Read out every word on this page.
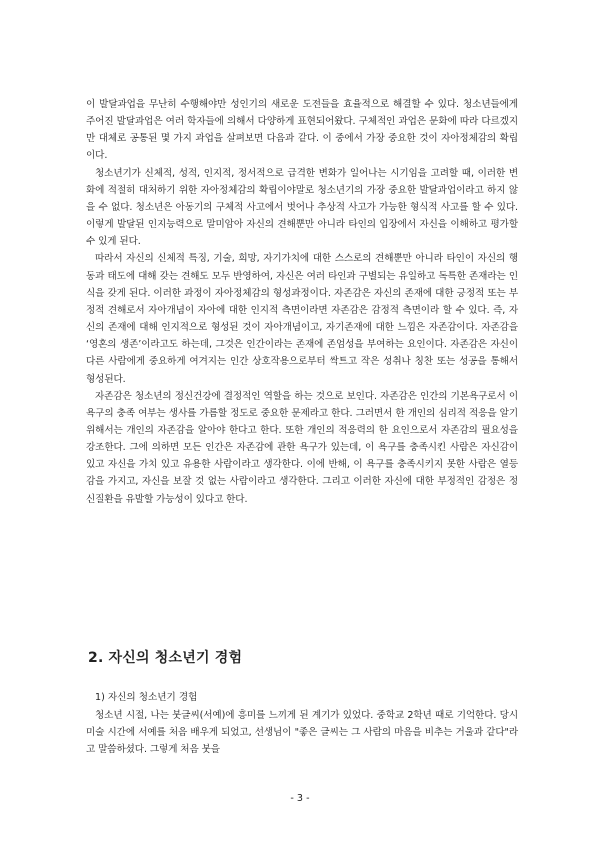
이 발달과업을 무난히 수행해야만 성인기의 새로운 도전들을 효율적으로 해결할 수 있다. 청소년들에게 주어진 발달과업은 여러 학자들에 의해서 다양하게 표현되어왔다. 구체적인 과업은 문화에 따라 다르겠지만 대체로 공통된 몇 가지 과업을 살펴보면 다음과 같다. 이 중에서 가장 중요한 것이 자아정체감의 확립이다.

청소년기가 신체적, 성적, 인지적, 정서적으로 급격한 변화가 일어나는 시기임을 고려할 때, 이러한 변화에 적절히 대처하기 위한 자아정체감의 확립이야말로 청소년기의 가장 중요한 발달과업이라고 하지 않을 수 없다. 청소년은 아동기의 구체적 사고에서 벗어나 추상적 사고가 가능한 형식적 사고를 할 수 있다. 이렇게 발달된 인지능력으로 말미암아 자신의 견해뿐만 아니라 타인의 입장에서 자신을 이해하고 평가할 수 있게 된다.

따라서 자신의 신체적 특징, 기술, 희망, 자기가치에 대한 스스로의 견해뿐만 아니라 타인이 자신의 행동과 태도에 대해 갖는 견해도 모두 반영하여, 자신은 여러 타인과 구별되는 유일하고 독특한 존재라는 인식을 갖게 된다. 이러한 과정이 자아정체감의 형성과정이다. 자존감은 자신의 존재에 대한 긍정적 또는 부정적 견해로서 자아개념이 자아에 대한 인지적 측면이라면 자존감은 감정적 측면이라 할 수 있다. 즉, 자신의 존재에 대해 인지적으로 형성된 것이 자아개념이고, 자기존재에 대한 느낌은 자존감이다. 자존감을 ‘영혼의 생존’이라고도 하는데, 그것은 인간이라는 존재에 존엄성을 부여하는 요인이다. 자존감은 자신이 다른 사람에게 중요하게 여겨지는 인간 상호작용으로부터 싹트고 작은 성취나 칭찬 또는 성공을 통해서 형성된다.

자존감은 청소년의 정신건강에 결정적인 역할을 하는 것으로 보인다. 자존감은 인간의 기본욕구로서 이 욕구의 충족 여부는 생사를 가름할 정도로 중요한 문제라고 한다. 그러면서 한 개인의 심리적 적응을 알기 위해서는 개인의 자존감을 알아야 한다고 한다. 또한 개인의 적응력의 한 요인으로서 자존감의 필요성을 강조한다. 그에 의하면 모든 인간은 자존감에 관한 욕구가 있는데, 이 욕구를 충족시킨 사람은 자신감이 있고 자신을 가치 있고 유용한 사람이라고 생각한다. 이에 반해, 이 욕구를 충족시키지 못한 사람은 열등감을 가지고, 자신을 보잘 것 없는 사람이라고 생각한다. 그리고 이러한 자신에 대한 부정적인 감정은 정신질환을 유발할 가능성이 있다고 한다.

2. 자신의 청소년기 경험

1) 자신의 청소년기 경험

청소년 시절, 나는 붓글씨(서예)에 흥미를 느끼게 된 계기가 있었다. 중학교 2학년 때로 기억한다. 당시 미술 시간에 서예를 처음 배우게 되었고, 선생님이 "좋은 글씨는 그 사람의 마음을 비추는 거울과 같다"라고 말씀하셨다. 그렇게 처음 붓을

- 3 -
